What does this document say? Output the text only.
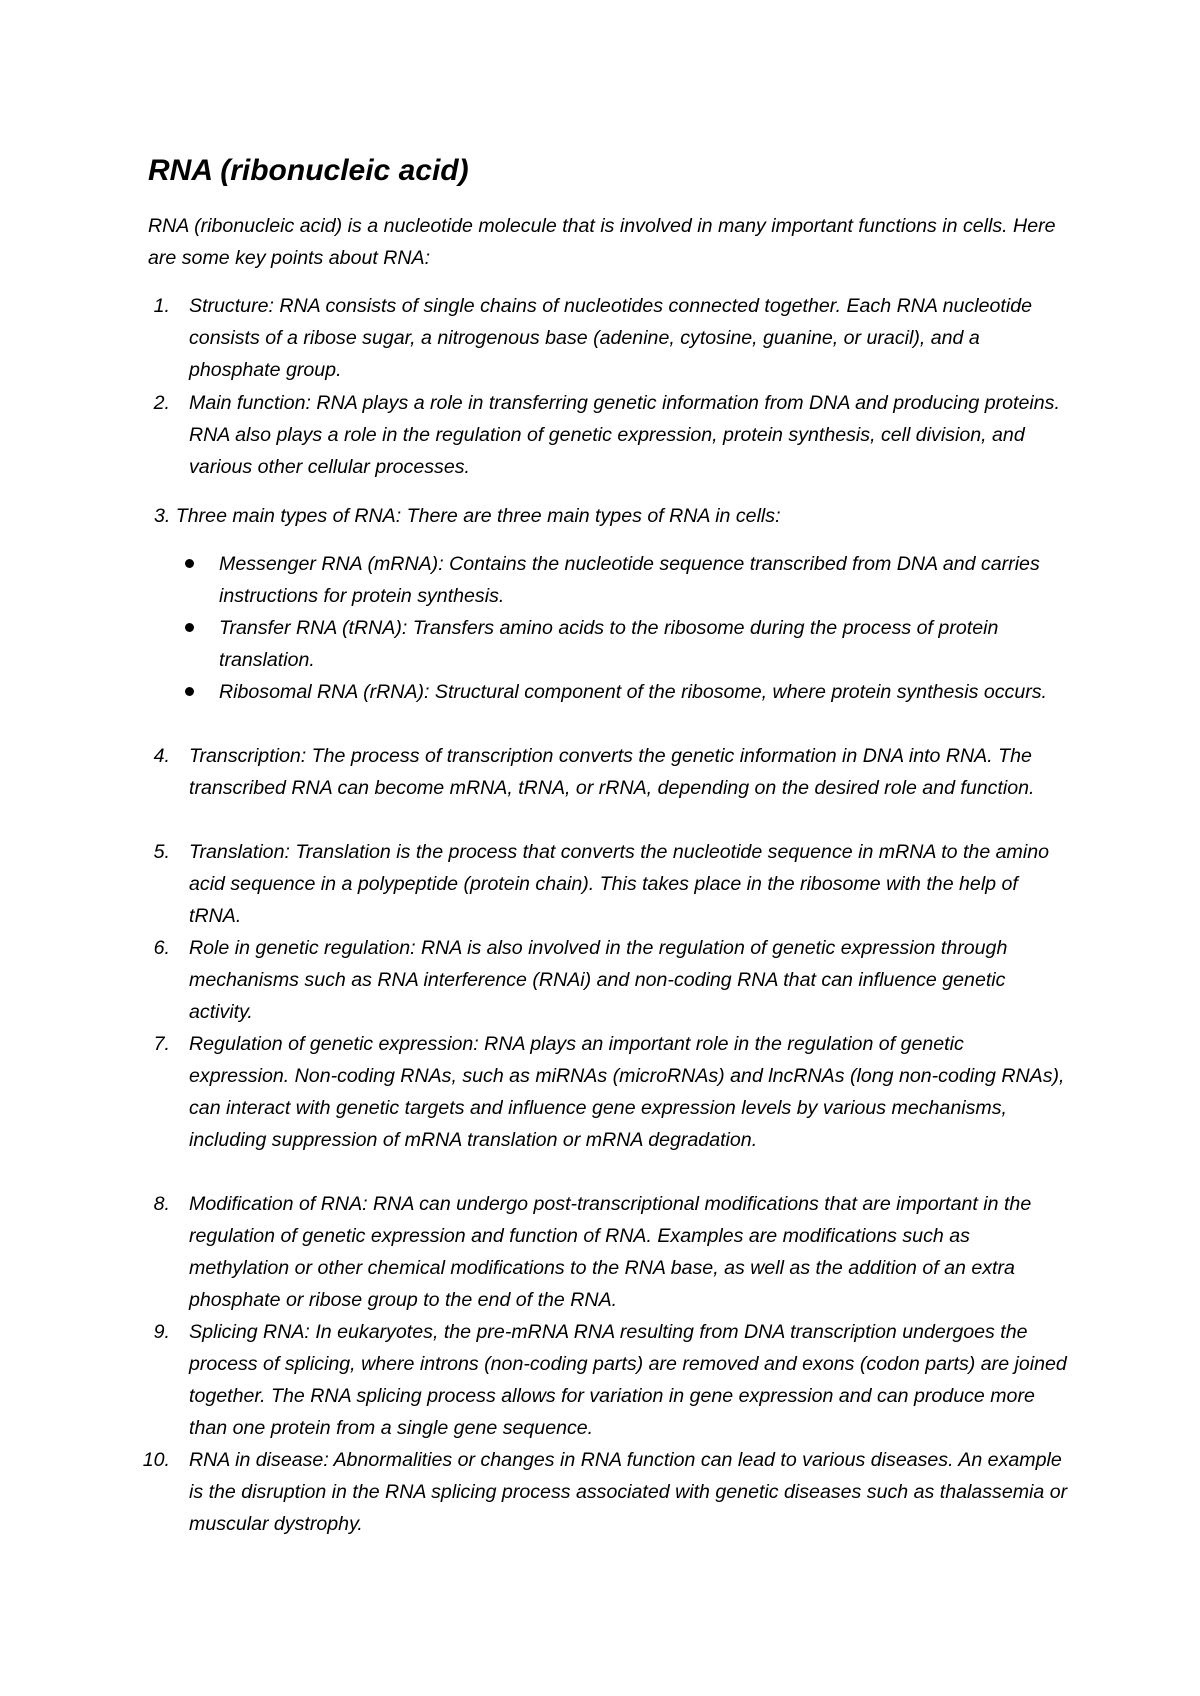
RNA (ribonucleic acid)

RNA (ribonucleic acid) is a nucleotide molecule that is involved in many important functions in cells. Here are some key points about RNA:

1. Structure: RNA consists of single chains of nucleotides connected together. Each RNA nucleotide consists of a ribose sugar, a nitrogenous base (adenine, cytosine, guanine, or uracil), and a phosphate group.

2. Main function: RNA plays a role in transferring genetic information from DNA and producing proteins. RNA also plays a role in the regulation of genetic expression, protein synthesis, cell division, and various other cellular processes.

3. Three main types of RNA: There are three main types of RNA in cells:

Messenger RNA (mRNA): Contains the nucleotide sequence transcribed from DNA and carries instructions for protein synthesis.

Transfer RNA (tRNA): Transfers amino acids to the ribosome during the process of protein translation.

Ribosomal RNA (rRNA): Structural component of the ribosome, where protein synthesis occurs.

4. Transcription: The process of transcription converts the genetic information in DNA into RNA. The transcribed RNA can become mRNA, tRNA, or rRNA, depending on the desired role and function.

5. Translation: Translation is the process that converts the nucleotide sequence in mRNA to the amino acid sequence in a polypeptide (protein chain). This takes place in the ribosome with the help of tRNA.

6. Role in genetic regulation: RNA is also involved in the regulation of genetic expression through mechanisms such as RNA interference (RNAi) and non-coding RNA that can influence genetic activity.

7. Regulation of genetic expression: RNA plays an important role in the regulation of genetic expression. Non-coding RNAs, such as miRNAs (microRNAs) and lncRNAs (long non-coding RNAs), can interact with genetic targets and influence gene expression levels by various mechanisms, including suppression of mRNA translation or mRNA degradation.

8. Modification of RNA: RNA can undergo post-transcriptional modifications that are important in the regulation of genetic expression and function of RNA. Examples are modifications such as methylation or other chemical modifications to the RNA base, as well as the addition of an extra phosphate or ribose group to the end of the RNA.

9. Splicing RNA: In eukaryotes, the pre-mRNA RNA resulting from DNA transcription undergoes the process of splicing, where introns (non-coding parts) are removed and exons (codon parts) are joined together. The RNA splicing process allows for variation in gene expression and can produce more than one protein from a single gene sequence.

10. RNA in disease: Abnormalities or changes in RNA function can lead to various diseases. An example is the disruption in the RNA splicing process associated with genetic diseases such as thalassemia or muscular dystrophy.
